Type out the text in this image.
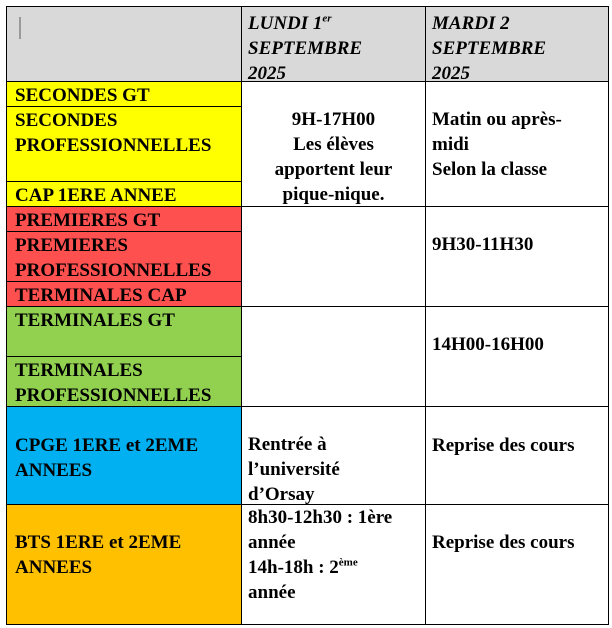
LUNDI 1er
SEPTEMBRE
2025
MARDI 2
SEPTEMBRE
2025
SECONDES GT
SECONDES
PROFESSIONNELLES
CAP 1ERE ANNEE
9H-17H00
Les élèves
apportent leur
pique-nique.
Matin ou après-
midi
Selon la classe
PREMIERES GT
PREMIERES
PROFESSIONNELLES
TERMINALES CAP
9H30-11H30
TERMINALES GT
TERMINALES
PROFESSIONNELLES
14H00-16H00
CPGE 1ERE et 2EME
ANNEES
Rentrée à
l’université
d’Orsay
Reprise des cours
BTS 1ERE et 2EME
ANNEES
8h30-12h30 : 1ère
année
14h-18h : 2ème
année
Reprise des cours
